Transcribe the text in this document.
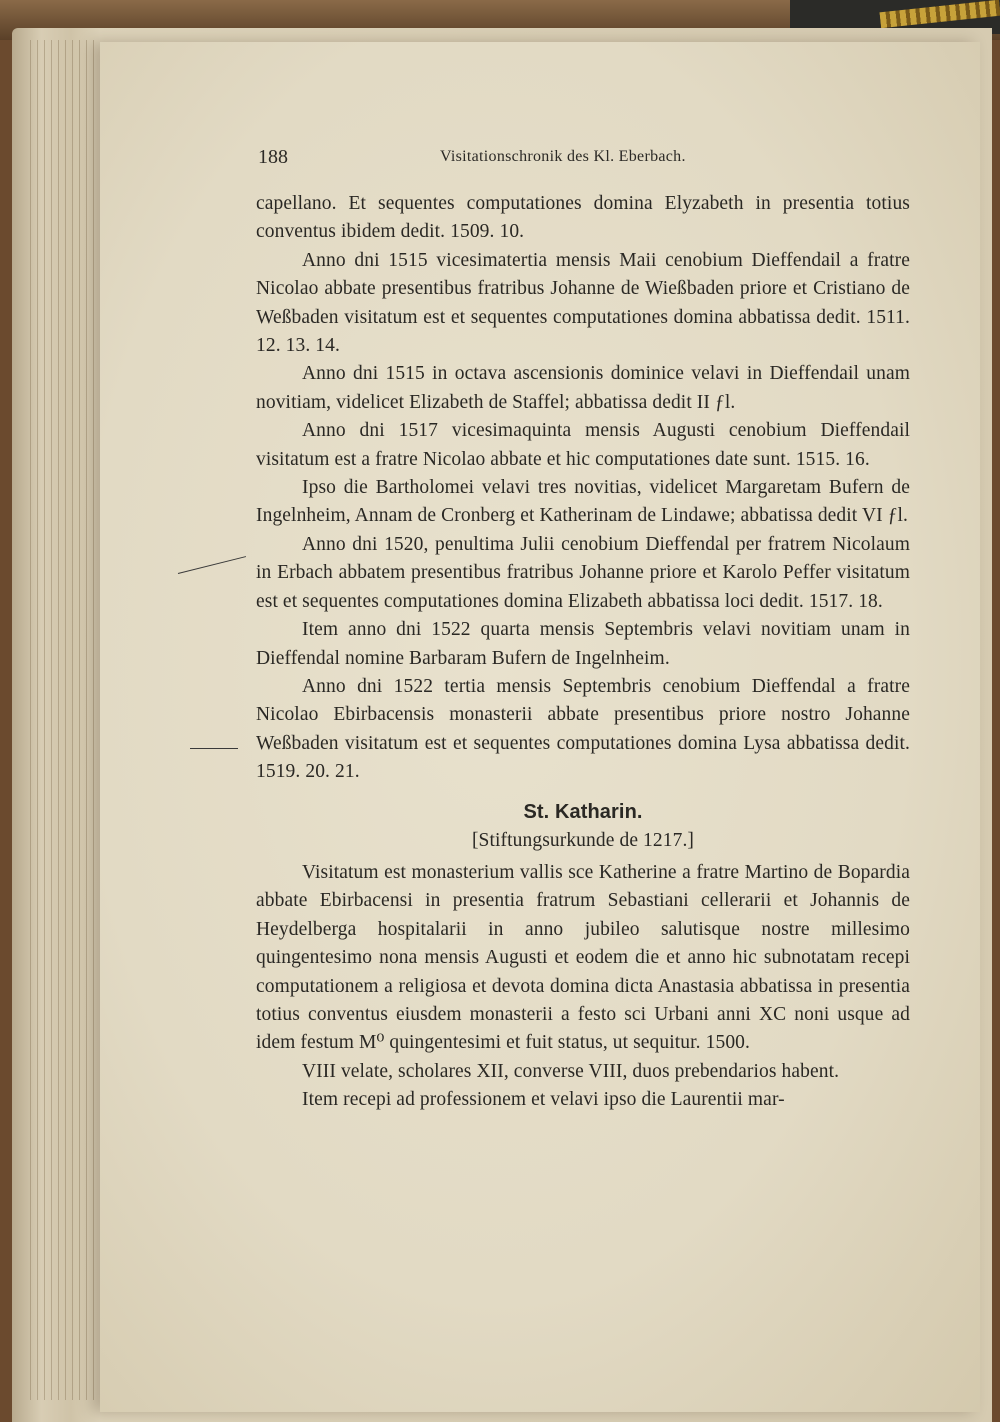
188	Visitationschronik des Kl. Eberbach.

capellano. Et sequentes computationes domina Elyzabeth in presentia totius conventus ibidem dedit. 1509. 10.

Anno dni 1515 vicesimatertia mensis Maii cenobium Dieffendail a fratre Nicolao abbate presentibus fratribus Johanne de Wießbaden priore et Cristiano de Weßbaden visitatum est et sequentes computationes domina abbatissa dedit. 1511. 12. 13. 14.

Anno dni 1515 in octava ascensionis dominice velavi in Dieffendail unam novitiam, videlicet Elizabeth de Staffel; abbatissa dedit II ƒl.

Anno dni 1517 vicesimaquinta mensis Augusti cenobium Dieffendail visitatum est a fratre Nicolao abbate et hic computationes date sunt. 1515. 16.

Ipso die Bartholomei velavi tres novitias, videlicet Margaretam Bufern de Ingelnheim, Annam de Cronberg et Katherinam de Lindawe; abbatissa dedit VI ƒl.

Anno dni 1520, penultima Julii cenobium Dieffendal per fratrem Nicolaum in Erbach abbatem presentibus fratribus Johanne priore et Karolo Peffer visitatum est et sequentes computationes domina Elizabeth abbatissa loci dedit. 1517. 18.

Item anno dni 1522 quarta mensis Septembris velavi novitiam unam in Dieffendal nomine Barbaram Bufern de Ingelnheim.

Anno dni 1522 tertia mensis Septembris cenobium Dieffendal a fratre Nicolao Ebirbacensis monasterii abbate presentibus priore nostro Johanne Weßbaden visitatum est et sequentes computationes domina Lysa abbatissa dedit. 1519. 20. 21.

St. Katharin.

[Stiftungsurkunde de 1217.]

Visitatum est monasterium vallis sce Katherine a fratre Martino de Bopardia abbate Ebirbacensi in presentia fratrum Sebastiani cellerarii et Johannis de Heydelberga hospitalarii in anno jubileo salutisque nostre millesimo quingentesimo nona mensis Augusti et eodem die et anno hic subnotatam recepi computationem a religiosa et devota domina dicta Anastasia abbatissa in presentia totius conventus eiusdem monasterii a festo sci Urbani anni XC noni usque ad idem festum M⁰ quingentesimi et fuit status, ut sequitur. 1500.

VIII velate, scholares XII, converse VIII, duos prebendarios habent.

Item recepi ad professionem et velavi ipso die Laurentii mar-
